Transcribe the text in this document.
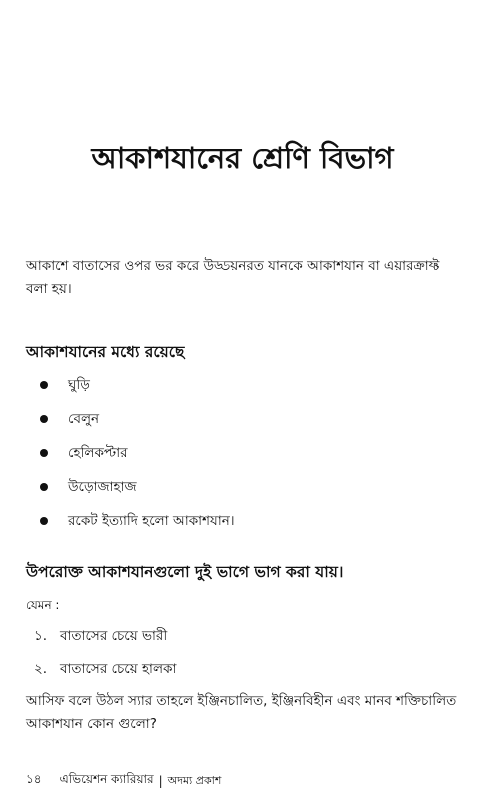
আকাশযানের শ্রেণি বিভাগ

আকাশে বাতাসের ওপর ভর করে উড্ডয়নরত যানকে আকাশযান বা এয়ারক্রাফ্ট বলা হয়।

আকাশযানের মধ্যে রয়েছে
ঘুড়ি
বেলুন
হেলিকপ্টার
উড়োজাহাজ
রকেট ইত্যাদি হলো আকাশযান।
উপরোক্ত আকাশযানগুলো দুই ভাগে ভাগ করা যায়।

যেমন :

১. বাতাসের চেয়ে ভারী
২. বাতাসের চেয়ে হালকা

আসিফ বলে উঠল স্যার তাহলে ইঞ্জিনচালিত, ইঞ্জিনবিহীন এবং মানব শক্তিচালিত আকাশযান কোন গুলো?

১৪ এভিয়েশন ক্যারিয়ার | অদম্য প্রকাশ
